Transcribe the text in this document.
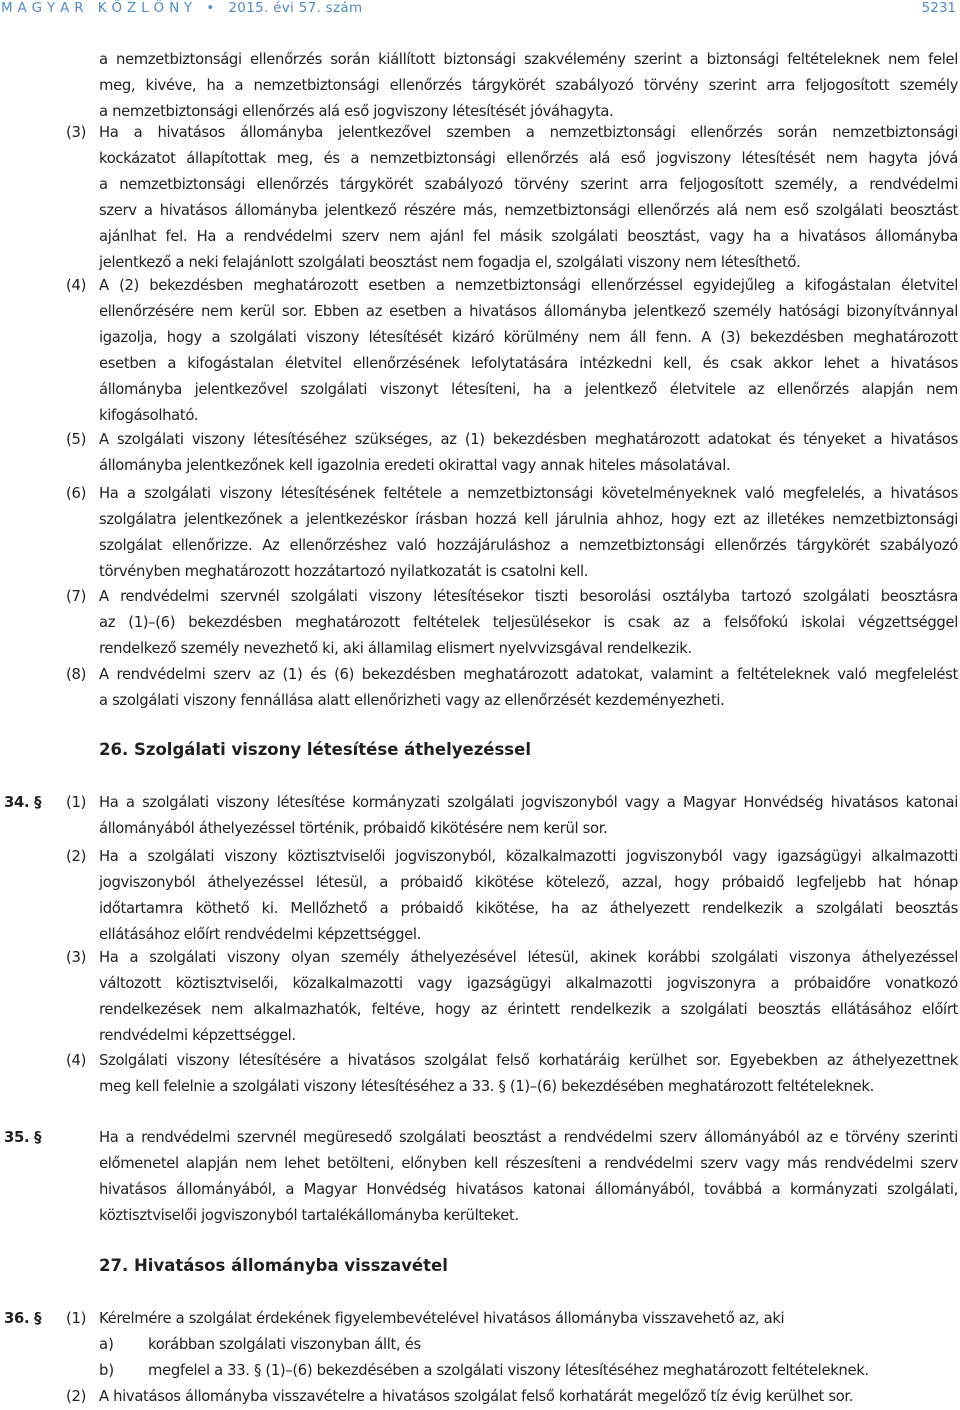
M A G Y A R   K Ö Z L Ö N Y   •   2015. évi 57. szám	5231
a nemzetbiztonsági ellenőrzés során kiállított biztonsági szakvélemény szerint a biztonsági feltételeknek nem felel
meg, kivéve, ha a nemzetbiztonsági ellenőrzés tárgykörét szabályozó törvény szerint arra feljogosított személy
a nemzetbiztonsági ellenőrzés alá eső jogviszony létesítését jóváhagyta.
(3) Ha a hivatásos állományba jelentkezővel szemben a nemzetbiztonsági ellenőrzés során nemzetbiztonsági
kockázatot állapítottak meg, és a nemzetbiztonsági ellenőrzés alá eső jogviszony létesítését nem hagyta jóvá
a nemzetbiztonsági ellenőrzés tárgykörét szabályozó törvény szerint arra feljogosított személy, a rendvédelmi
szerv a hivatásos állományba jelentkező részére más, nemzetbiztonsági ellenőrzés alá nem eső szolgálati beosztást
ajánlhat fel. Ha a rendvédelmi szerv nem ajánl fel másik szolgálati beosztást, vagy ha a hivatásos állományba
jelentkező a neki felajánlott szolgálati beosztást nem fogadja el, szolgálati viszony nem létesíthető.
(4) A (2) bekezdésben meghatározott esetben a nemzetbiztonsági ellenőrzéssel egyidejűleg a kifogástalan életvitel
ellenőrzésére nem kerül sor. Ebben az esetben a hivatásos állományba jelentkező személy hatósági bizonyítvánnyal
igazolja, hogy a szolgálati viszony létesítését kizáró körülmény nem áll fenn. A (3) bekezdésben meghatározott
esetben a kifogástalan életvitel ellenőrzésének lefolytatására intézkedni kell, és csak akkor lehet a hivatásos
állományba jelentkezővel szolgálati viszonyt létesíteni, ha a jelentkező életvitele az ellenőrzés alapján nem
kifogásolható.
(5) A szolgálati viszony létesítéséhez szükséges, az (1) bekezdésben meghatározott adatokat és tényeket a hivatásos
állományba jelentkezőnek kell igazolnia eredeti okirattal vagy annak hiteles másolatával.
(6) Ha a szolgálati viszony létesítésének feltétele a nemzetbiztonsági követelményeknek való megfelelés, a hivatásos
szolgálatra jelentkezőnek a jelentkezéskor írásban hozzá kell járulnia ahhoz, hogy ezt az illetékes nemzetbiztonsági
szolgálat ellenőrizze. Az ellenőrzéshez való hozzájáruláshoz a nemzetbiztonsági ellenőrzés tárgykörét szabályozó
törvényben meghatározott hozzátartozó nyilatkozatát is csatolni kell.
(7) A rendvédelmi szervnél szolgálati viszony létesítésekor tiszti besorolási osztályba tartozó szolgálati beosztásra
az (1)–(6) bekezdésben meghatározott feltételek teljesülésekor is csak az a felsőfokú iskolai végzettséggel
rendelkező személy nevezhető ki, aki államilag elismert nyelvvizsgával rendelkezik.
(8) A rendvédelmi szerv az (1) és (6) bekezdésben meghatározott adatokat, valamint a feltételeknek való megfelelést
a szolgálati viszony fennállása alatt ellenőrizheti vagy az ellenőrzését kezdeményezheti.
26. Szolgálati viszony létesítése áthelyezéssel
34. § (1) Ha a szolgálati viszony létesítése kormányzati szolgálati jogviszonyból vagy a Magyar Honvédség hivatásos katonai
állományából áthelyezéssel történik, próbaidő kikötésére nem kerül sor.
(2) Ha a szolgálati viszony köztisztviselői jogviszonyból, közalkalmazotti jogviszonyból vagy igazságügyi alkalmazotti
jogviszonyból áthelyezéssel létesül, a próbaidő kikötése kötelező, azzal, hogy próbaidő legfeljebb hat hónap
időtartamra köthető ki. Mellőzhető a próbaidő kikötése, ha az áthelyezett rendelkezik a szolgálati beosztás
ellátásához előírt rendvédelmi képzettséggel.
(3) Ha a szolgálati viszony olyan személy áthelyezésével létesül, akinek korábbi szolgálati viszonya áthelyezéssel
változott köztisztviselői, közalkalmazotti vagy igazságügyi alkalmazotti jogviszonyra a próbaidőre vonatkozó
rendelkezések nem alkalmazhatók, feltéve, hogy az érintett rendelkezik a szolgálati beosztás ellátásához előírt
rendvédelmi képzettséggel.
(4) Szolgálati viszony létesítésére a hivatásos szolgálat felső korhatáráig kerülhet sor. Egyebekben az áthelyezettnek
meg kell felelnie a szolgálati viszony létesítéséhez a 33. § (1)–(6) bekezdésében meghatározott feltételeknek.
35. §	Ha a rendvédelmi szervnél megüresedő szolgálati beosztást a rendvédelmi szerv állományából az e törvény szerinti
előmenetel alapján nem lehet betölteni, előnyben kell részesíteni a rendvédelmi szerv vagy más rendvédelmi szerv
hivatásos állományából, a Magyar Honvédség hivatásos katonai állományából, továbbá a kormányzati szolgálati,
köztisztviselői jogviszonyból tartalékállományba kerülteket.
27. Hivatásos állományba visszavétel
36. § (1) Kérelmére a szolgálat érdekének figyelembevételével hivatásos állományba visszavehető az, aki
a) korábban szolgálati viszonyban állt, és
b) megfelel a 33. § (1)–(6) bekezdésében a szolgálati viszony létesítéséhez meghatározott feltételeknek.
(2) A hivatásos állományba visszavételre a hivatásos szolgálat felső korhatárát megelőző tíz évig kerülhet sor.
